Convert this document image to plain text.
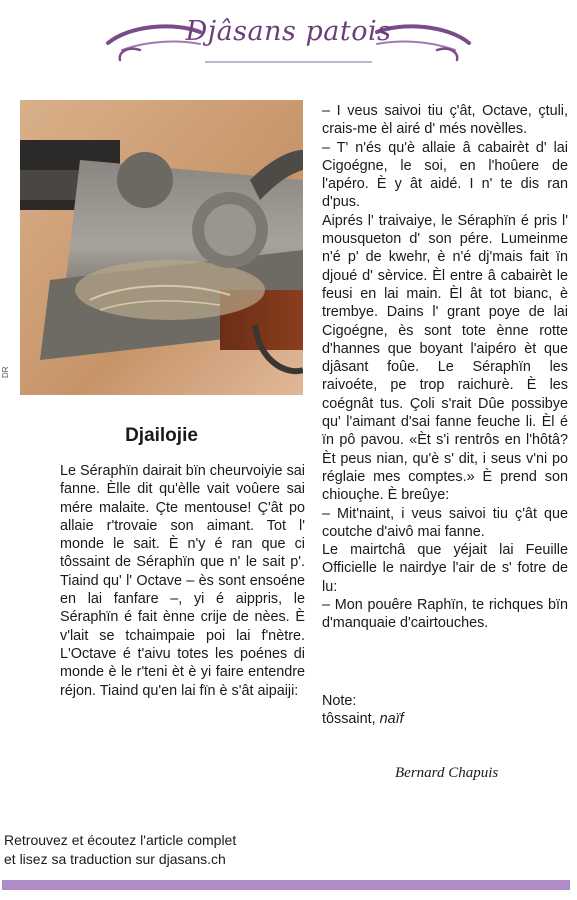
Djâsans patois
DR
Djailojie

Le Séraphïn dairait bïn cheurvoiyie sai fanne. Èlle dit qu'èlle vait voûere sai mére malaite. Çte mentouse! Ç'ât po allaie r'trovaie son aimant. Tot l' monde le sait. È n'y é ran que ci tôssaint de Séraphïn que n' le sait p'. Tiaind qu' l' Octave – ès sont ensoéne en lai fanfare –, yi é aippris, le Séraphïn é fait ènne crije de nèes. È v'lait se tchaimpaie poi lai f'nètre. L'Octave é t'aivu totes les poénes di monde è le r'teni èt è yi faire entendre réjon. Tiaind qu'en lai fïn è s'ât aipaiji:

– I veus saivoi tiu ç'ât, Octave, çtuli, crais-me èl airé d' més novèlles.

– T' n'és qu'è allaie â cabairèt d' lai Cigoégne, le soi, en l'hoûere de l'apéro. È y ât aidé. I n' te dis ran d'pus.

Aiprés l' traivaiye, le Séraphïn é pris l' mousqueton d' son pére. Lumeinme n'é p' de kwehr, è n'é dj'mais fait ïn djoué d' sèrvice. Èl entre â cabairèt le feusi en lai main. Èl ât tot bianc, è trembye. Dains l' grant poye de lai Cigoégne, ès sont tote ènne rotte d'hannes que boyant l'aipéro èt que djâsant foûe. Le Séraphïn les raivoéte, pe trop raichurè. È les coégnât tus. Çoli s'rait Dûe possibye qu' l'aimant d'sai fanne feuche li. Èl é ïn pô pavou. «Èt s'i rentrôs en l'hôtâ? Èt peus nian, qu'è s' dit, i seus v'ni po réglaie mes comptes.» È prend son chiouçhe. È breûye:

– Mit'naint, i veus saivoi tiu ç'ât que coutche d'aivô mai fanne.

Le mairtchâ que yéjait lai Feuille Officielle le nairdye l'air de s' fotre de lu:

– Mon pouêre Raphïn, te richques bïn d'manquaie d'cairtouches.

Note:
tôssaint, naïf
Bernard Chapuis
Retrouvez et écoutez l'article complet
et lisez sa traduction sur djasans.ch
